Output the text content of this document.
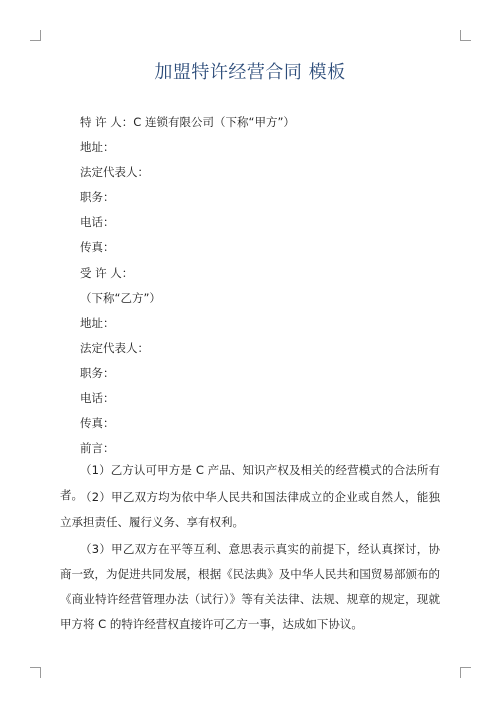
加盟特许经营合同 模板
特 许 人：C 连锁有限公司（下称“甲方”）
地址：
法定代表人：
职务：
电话：
传真：
受 许 人：
（下称“乙方”）
地址：
法定代表人：
职务：
电话：
传真：
前言：
（1）乙方认可甲方是 C 产品、知识产权及相关的经营模式的合法所有者。
（2）甲乙双方均为依中华人民共和国法律成立的企业或自然人，能独立承担责任、履行义务、享有权利。
（3）甲乙双方在平等互利、意思表示真实的前提下，经认真探讨，协商一致，为促进共同发展，根据《民法典》及中华人民共和国贸易部颁布的《商业特许经营管理办法（试行）》等有关法律、法规、规章的规定，现就甲方将 C 的特许经营权直接许可乙方一事，达成如下协议。
